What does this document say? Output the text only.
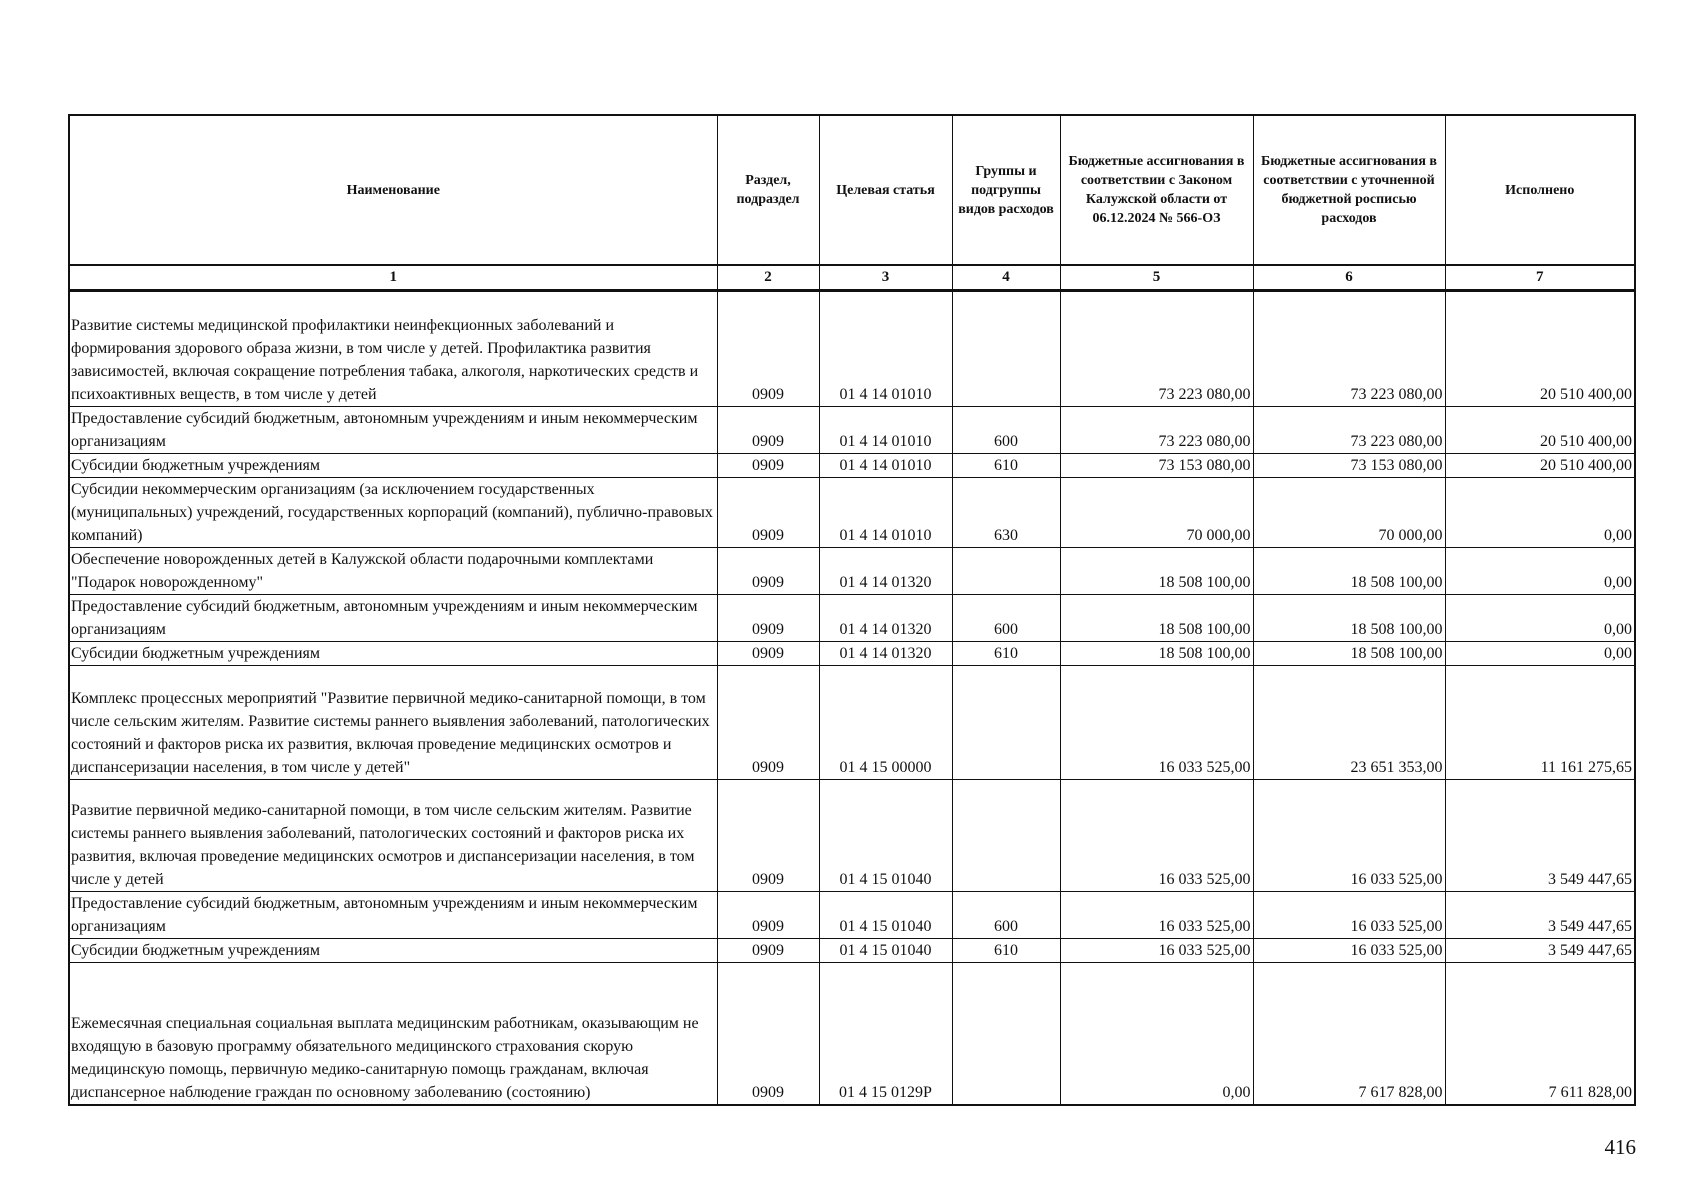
Наименование	Раздел, подраздел	Целевая статья	Группы и подгруппы видов расходов	Бюджетные ассигнования в соответствии с Законом Калужской области от 06.12.2024 № 566-ОЗ	Бюджетные ассигнования в соответствии с уточненной бюджетной росписью расходов	Исполнено
1	2	3	4	5	6	7
Развитие системы медицинской профилактики неинфекционных заболеваний и формирования здорового образа жизни, в том числе у детей. Профилактика развития зависимостей, включая сокращение потребления табака, алкоголя, наркотических средств и психоактивных веществ, в том числе у детей	0909	01 4 14 01010		73 223 080,00	73 223 080,00	20 510 400,00
Предоставление субсидий бюджетным, автономным учреждениям и иным некоммерческим организациям	0909	01 4 14 01010	600	73 223 080,00	73 223 080,00	20 510 400,00
Субсидии бюджетным учреждениям	0909	01 4 14 01010	610	73 153 080,00	73 153 080,00	20 510 400,00
Субсидии некоммерческим организациям (за исключением государственных (муниципальных) учреждений, государственных корпораций (компаний), публично-правовых компаний)	0909	01 4 14 01010	630	70 000,00	70 000,00	0,00
Обеспечение новорожденных детей в Калужской области подарочными комплектами "Подарок новорожденному"	0909	01 4 14 01320		18 508 100,00	18 508 100,00	0,00
Предоставление субсидий бюджетным, автономным учреждениям и иным некоммерческим организациям	0909	01 4 14 01320	600	18 508 100,00	18 508 100,00	0,00
Субсидии бюджетным учреждениям	0909	01 4 14 01320	610	18 508 100,00	18 508 100,00	0,00
Комплекс процессных мероприятий "Развитие первичной медико-санитарной помощи, в том числе сельским жителям. Развитие системы раннего выявления заболеваний, патологических состояний и факторов риска их развития, включая проведение медицинских осмотров и диспансеризации населения, в том числе у детей"	0909	01 4 15 00000		16 033 525,00	23 651 353,00	11 161 275,65
Развитие первичной медико-санитарной помощи, в том числе сельским жителям. Развитие системы раннего выявления заболеваний, патологических состояний и факторов риска их развития, включая проведение медицинских осмотров и диспансеризации населения, в том числе у детей	0909	01 4 15 01040		16 033 525,00	16 033 525,00	3 549 447,65
Предоставление субсидий бюджетным, автономным учреждениям и иным некоммерческим организациям	0909	01 4 15 01040	600	16 033 525,00	16 033 525,00	3 549 447,65
Субсидии бюджетным учреждениям	0909	01 4 15 01040	610	16 033 525,00	16 033 525,00	3 549 447,65
Ежемесячная специальная социальная выплата медицинским работникам, оказывающим не входящую в базовую программу обязательного медицинского страхования скорую медицинскую помощь, первичную медико-санитарную помощь гражданам, включая диспансерное наблюдение граждан по основному заболеванию (состоянию)	0909	01 4 15 0129Р		0,00	7 617 828,00	7 611 828,00
416
